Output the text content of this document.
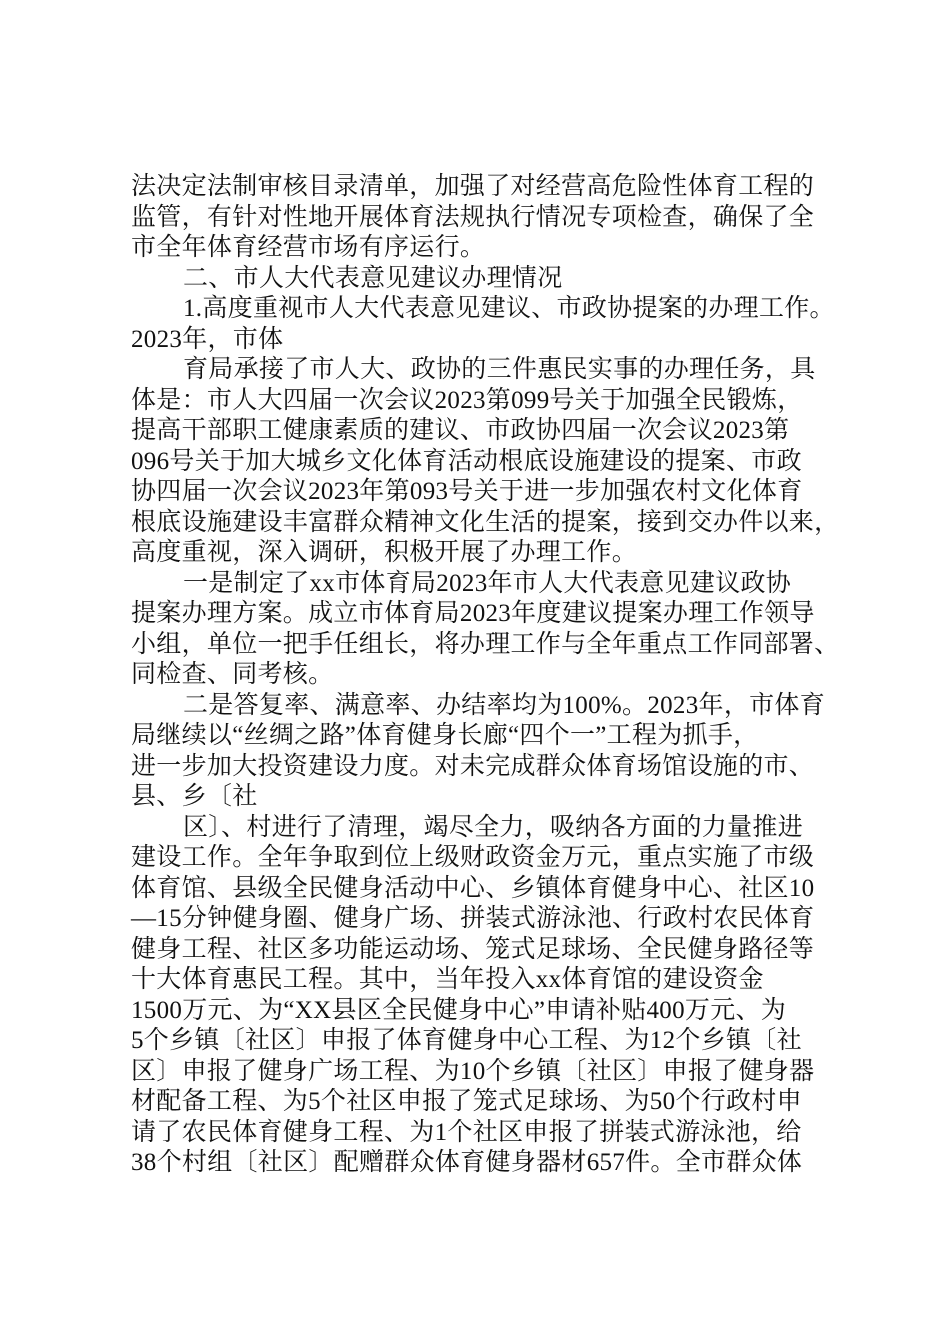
法决定法制审核目录清单，加强了对经营高危险性体育工程的
监管，有针对性地开展体育法规执行情况专项检查，确保了全
市全年体育经营市场有序运行。
二、市人大代表意见建议办理情况
1.高度重视市人大代表意见建议、市政协提案的办理工作。
2023年，市体
育局承接了市人大、政协的三件惠民实事的办理任务，具
体是：市人大四届一次会议2023第099号关于加强全民锻炼，
提高干部职工健康素质的建议、市政协四届一次会议2023第
096号关于加大城乡文化体育活动根底设施建设的提案、市政
协四届一次会议2023年第093号关于进一步加强农村文化体育
根底设施建设丰富群众精神文化生活的提案，接到交办件以来，
高度重视，深入调研，积极开展了办理工作。
一是制定了xx市体育局2023年市人大代表意见建议政协
提案办理方案。成立市体育局2023年度建议提案办理工作领导
小组，单位一把手任组长，将办理工作与全年重点工作同部署、
同检查、同考核。
二是答复率、满意率、办结率均为100%。2023年，市体育
局继续以“丝绸之路”体育健身长廊“四个一”工程为抓手，
进一步加大投资建设力度。对未完成群众体育场馆设施的市、
县、乡〔社
区〕、村进行了清理，竭尽全力，吸纳各方面的力量推进
建设工作。全年争取到位上级财政资金万元，重点实施了市级
体育馆、县级全民健身活动中心、乡镇体育健身中心、社区10
—15分钟健身圈、健身广场、拼装式游泳池、行政村农民体育
健身工程、社区多功能运动场、笼式足球场、全民健身路径等
十大体育惠民工程。其中，当年投入xx体育馆的建设资金
1500万元、为“XX县区全民健身中心”申请补贴400万元、为
5个乡镇〔社区〕申报了体育健身中心工程、为12个乡镇〔社
区〕申报了健身广场工程、为10个乡镇〔社区〕申报了健身器
材配备工程、为5个社区申报了笼式足球场、为50个行政村申
请了农民体育健身工程、为1个社区申报了拼装式游泳池，给
38个村组〔社区〕配赠群众体育健身器材657件。全市群众体
